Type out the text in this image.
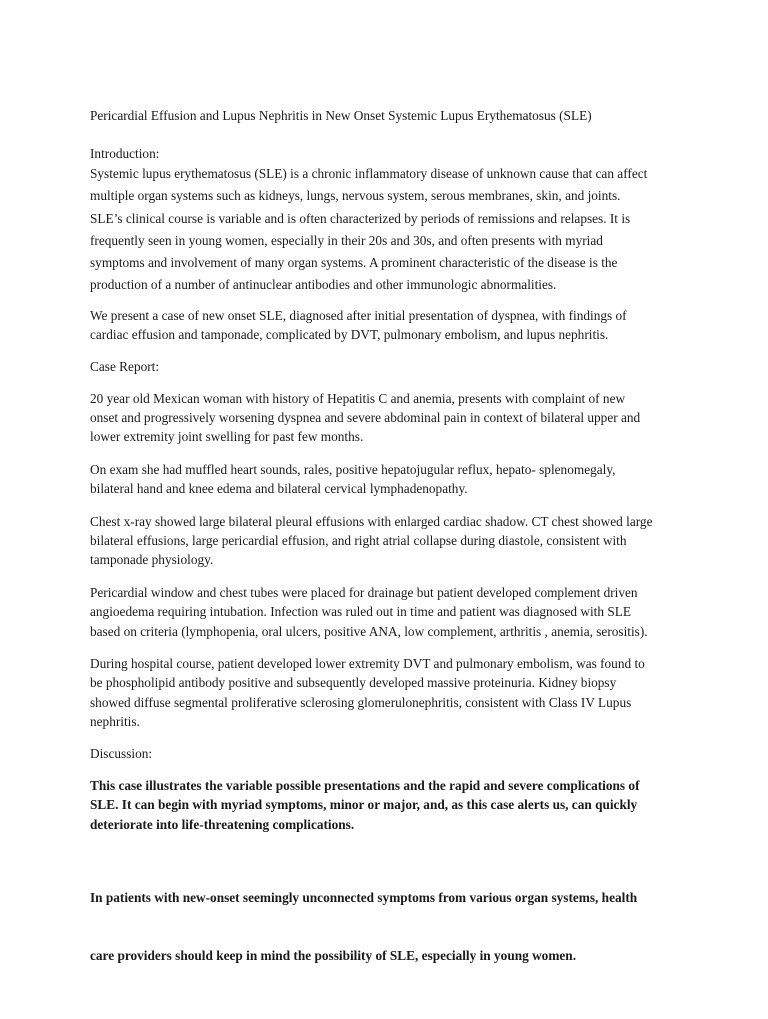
Pericardial Effusion and Lupus Nephritis in New Onset Systemic Lupus Erythematosus (SLE)
Introduction:
Systemic lupus erythematosus (SLE) is a chronic inflammatory disease of unknown cause that can affect
multiple organ systems such as kidneys, lungs, nervous system, serous membranes, skin, and joints.
SLE’s clinical course is variable and is often characterized by periods of remissions and relapses. It is
frequently seen in young women, especially in their 20s and 30s, and often presents with myriad
symptoms and involvement of many organ systems. A prominent characteristic of the disease is the
production of a number of antinuclear antibodies and other immunologic abnormalities.
We present a case of new onset SLE, diagnosed after initial presentation of dyspnea, with findings of
cardiac effusion and tamponade, complicated by DVT, pulmonary embolism, and lupus nephritis.
Case Report:
20 year old Mexican woman with history of Hepatitis C and anemia, presents with complaint of new
onset and progressively worsening dyspnea and severe abdominal pain in context of bilateral upper and
lower extremity joint swelling for past few months.
On exam she had muffled heart sounds, rales, positive hepatojugular reflux, hepato- splenomegaly,
bilateral hand and knee edema and bilateral cervical lymphadenopathy.
Chest x-ray showed large bilateral pleural effusions with enlarged cardiac shadow. CT chest showed large
bilateral effusions, large pericardial effusion, and right atrial collapse during diastole, consistent with
tamponade physiology.
Pericardial window and chest tubes were placed for drainage but patient developed complement driven
angioedema requiring intubation. Infection was ruled out in time and patient was diagnosed with SLE
based on criteria (lymphopenia, oral ulcers, positive ANA, low complement, arthritis , anemia, serositis).
During hospital course, patient developed lower extremity DVT and pulmonary embolism, was found to
be phospholipid antibody positive and subsequently developed massive proteinuria. Kidney biopsy
showed diffuse segmental proliferative sclerosing glomerulonephritis, consistent with Class IV Lupus
nephritis.
Discussion:
This case illustrates the variable possible presentations and the rapid and severe complications of
SLE. It can begin with myriad symptoms, minor or major, and, as this case alerts us, can quickly
deteriorate into life-threatening complications.

In patients with new-onset seemingly unconnected symptoms from various organ systems, health

care providers should keep in mind the possibility of SLE, especially in young women.
